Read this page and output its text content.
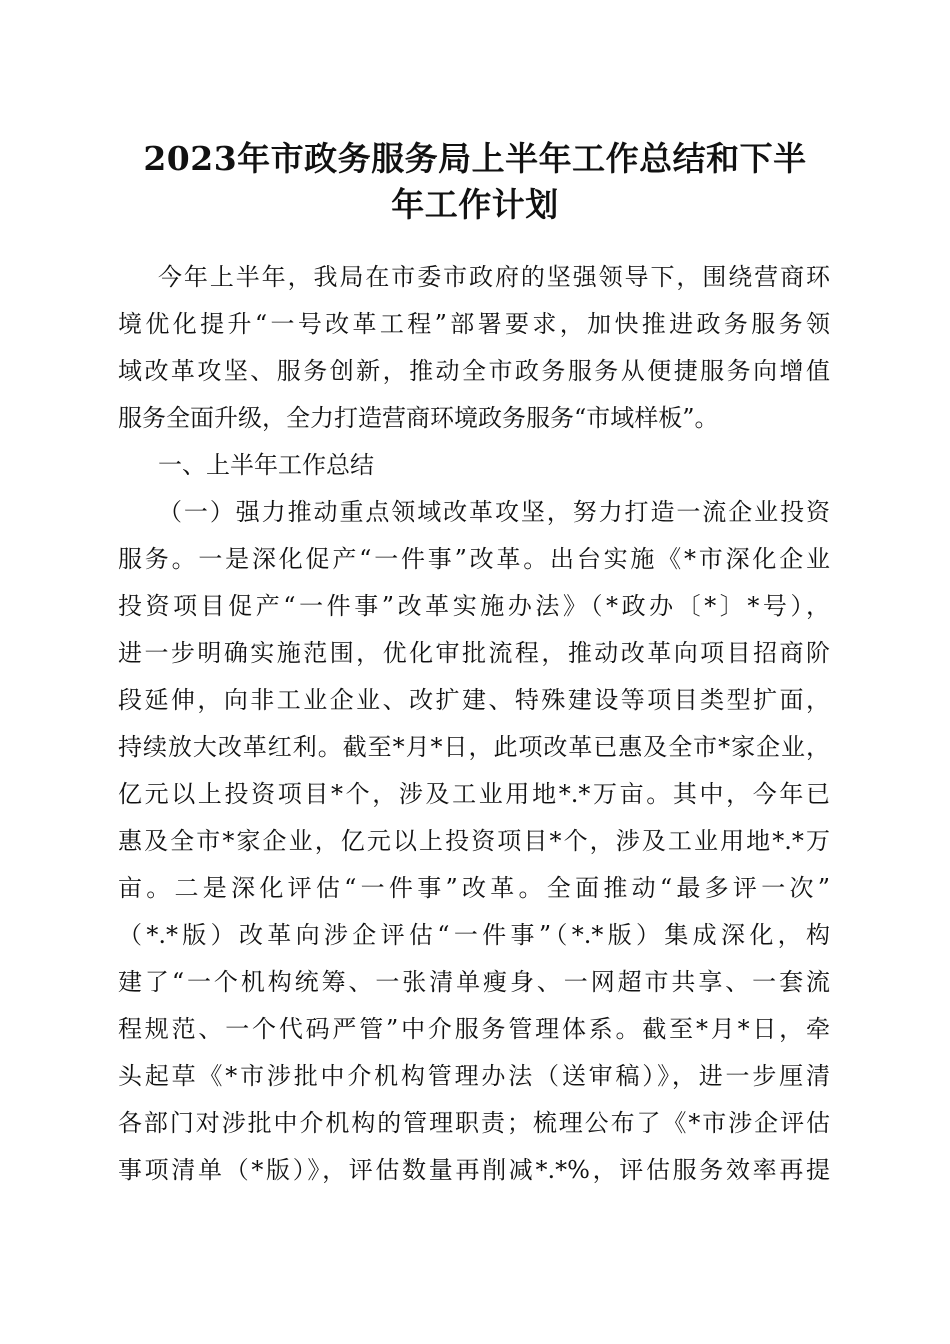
2023年市政务服务局上半年工作总结和下半
年工作计划
今年上半年，我局在市委市政府的坚强领导下，围绕营商环
境优化提升“一号改革工程”部署要求，加快推进政务服务领
域改革攻坚、服务创新，推动全市政务服务从便捷服务向增值
服务全面升级，全力打造营商环境政务服务“市域样板”。
一、上半年工作总结
（一）强力推动重点领域改革攻坚，努力打造一流企业投资
服务。一是深化促产“一件事”改革。出台实施《*市深化企业
投资项目促产“一件事”改革实施办法》（*政办〔*〕*号），
进一步明确实施范围，优化审批流程，推动改革向项目招商阶
段延伸，向非工业企业、改扩建、特殊建设等项目类型扩面，
持续放大改革红利。截至*月*日，此项改革已惠及全市*家企业，
亿元以上投资项目*个，涉及工业用地*.*万亩。其中，今年已
惠及全市*家企业，亿元以上投资项目*个，涉及工业用地*.*万
亩。二是深化评估“一件事”改革。全面推动“最多评一次”
（*.*版）改革向涉企评估“一件事”（*.*版）集成深化，构
建了“一个机构统筹、一张清单瘦身、一网超市共享、一套流
程规范、一个代码严管”中介服务管理体系。截至*月*日，牵
头起草《*市涉批中介机构管理办法（送审稿）》，进一步厘清
各部门对涉批中介机构的管理职责；梳理公布了《*市涉企评估
事项清单（*版）》，评估数量再削减*.*%，评估服务效率再提
